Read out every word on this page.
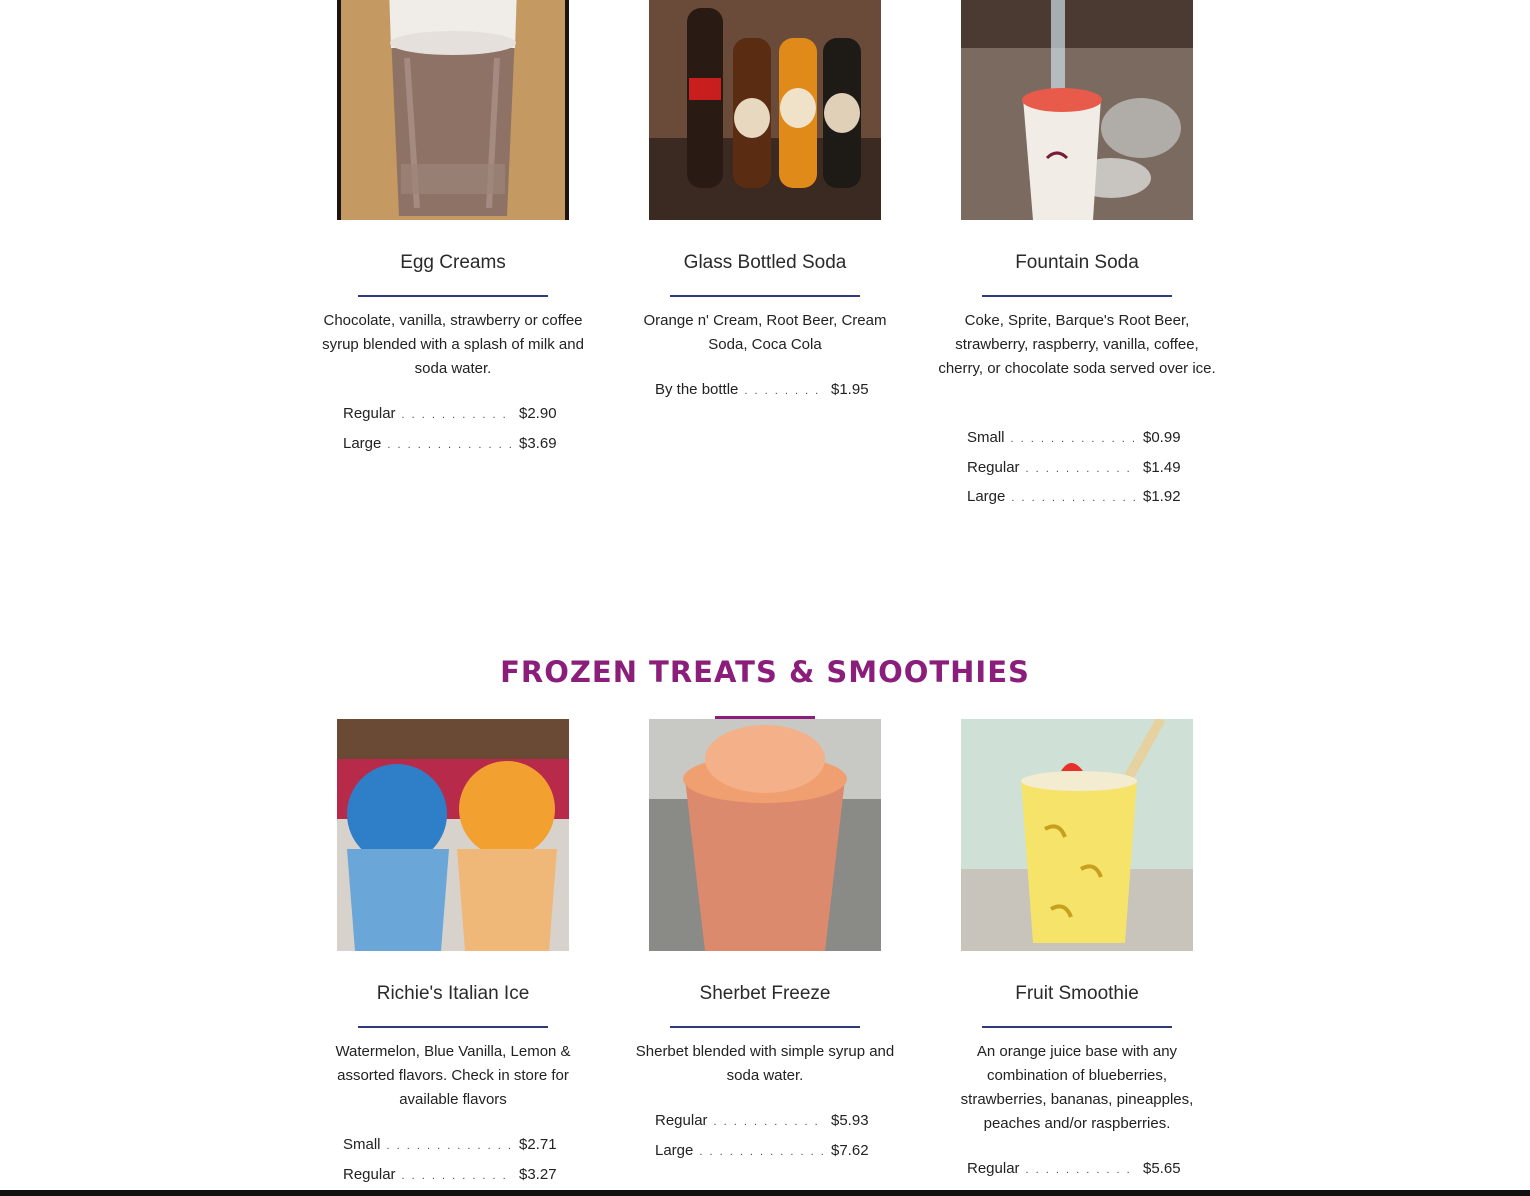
Egg Creams
Chocolate, vanilla, strawberry or coffee syrup blended with a splash of milk and soda water.
Regular . . .	$2.90
Large . . .	$3.69
Glass Bottled Soda
Orange n' Cream, Root Beer, Cream Soda, Coca Cola
By the bottle . . .	$1.95
Fountain Soda
Coke, Sprite, Barque's Root Beer, strawberry, raspberry, vanilla, coffee, cherry, or chocolate soda served over ice.
Small . . .	$0.99
Regular . . .	$1.49
Large . . .	$1.92
FROZEN TREATS & SMOOTHIES
Richie's Italian Ice
Watermelon, Blue Vanilla, Lemon & assorted flavors. Check in store for available flavors
Small . . .	$2.71
Regular . . .	$3.27
Sherbet Freeze
Sherbet blended with simple syrup and soda water.
Regular . . .	$5.93
Large . . .	$7.62
Fruit Smoothie
An orange juice base with any combination of blueberries, strawberries, bananas, pineapples, peaches and/or raspberries.
Regular . . .	$5.65
